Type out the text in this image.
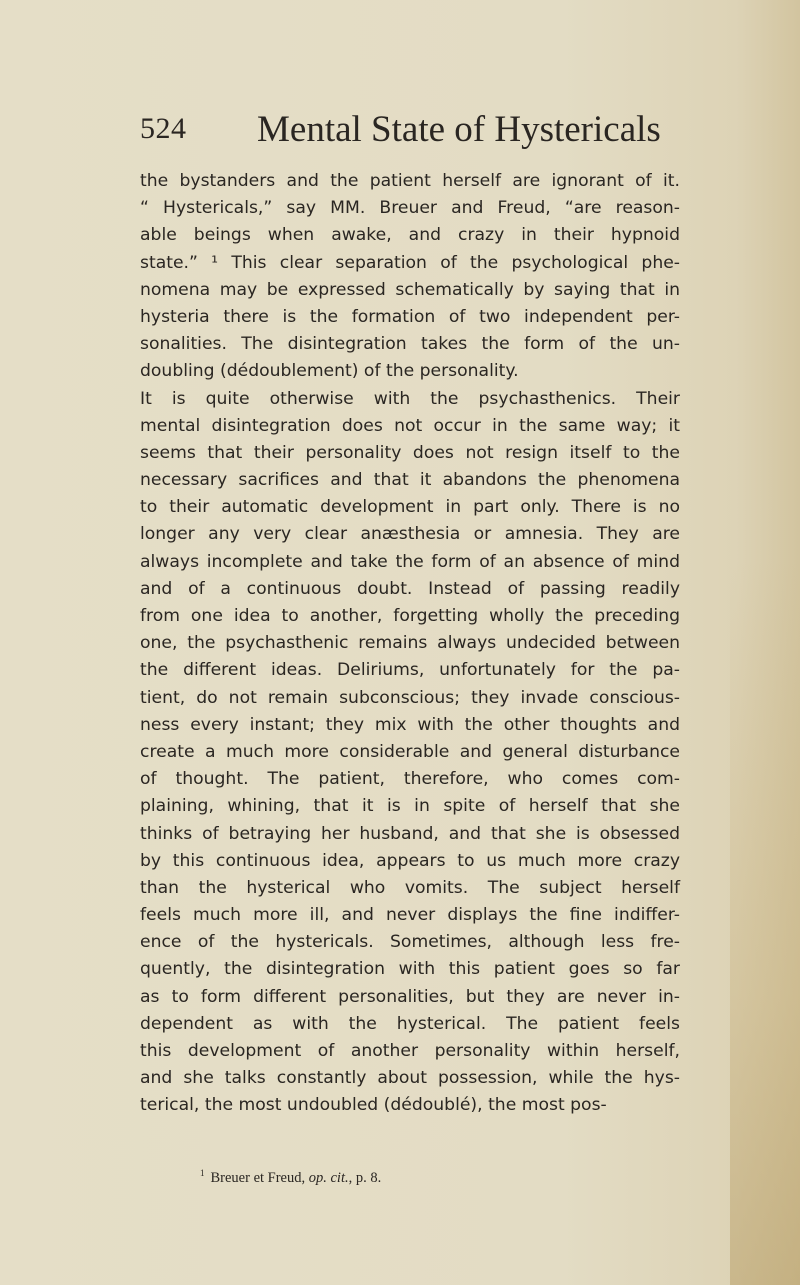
524 Mental State of Hystericals
the bystanders and the patient herself are ignorant of it.
“ Hystericals,” say MM. Breuer and Freud, “are reason-
able beings when awake, and crazy in their hypnoid
state.” ¹ This clear separation of the psychological phe-
nomena may be expressed schematically by saying that in
hysteria there is the formation of two independent per-
sonalities. The disintegration takes the form of the un-
doubling (dédoublement) of the personality.
It is quite otherwise with the psychasthenics. Their
mental disintegration does not occur in the same way; it
seems that their personality does not resign itself to the
necessary sacrifices and that it abandons the phenomena
to their automatic development in part only. There is no
longer any very clear anæsthesia or amnesia. They are
always incomplete and take the form of an absence of mind
and of a continuous doubt. Instead of passing readily
from one idea to another, forgetting wholly the preceding
one, the psychasthenic remains always undecided between
the different ideas. Deliriums, unfortunately for the pa-
tient, do not remain subconscious; they invade conscious-
ness every instant; they mix with the other thoughts and
create a much more considerable and general disturbance
of thought. The patient, therefore, who comes com-
plaining, whining, that it is in spite of herself that she
thinks of betraying her husband, and that she is obsessed
by this continuous idea, appears to us much more crazy
than the hysterical who vomits. The subject herself
feels much more ill, and never displays the fine indiffer-
ence of the hystericals. Sometimes, although less fre-
quently, the disintegration with this patient goes so far
as to form different personalities, but they are never in-
dependent as with the hysterical. The patient feels
this development of another personality within herself,
and she talks constantly about possession, while the hys-
terical, the most undoubled (dédoublé), the most pos-
$^1$ Breuer et Freud, op. cit., p. 8.
